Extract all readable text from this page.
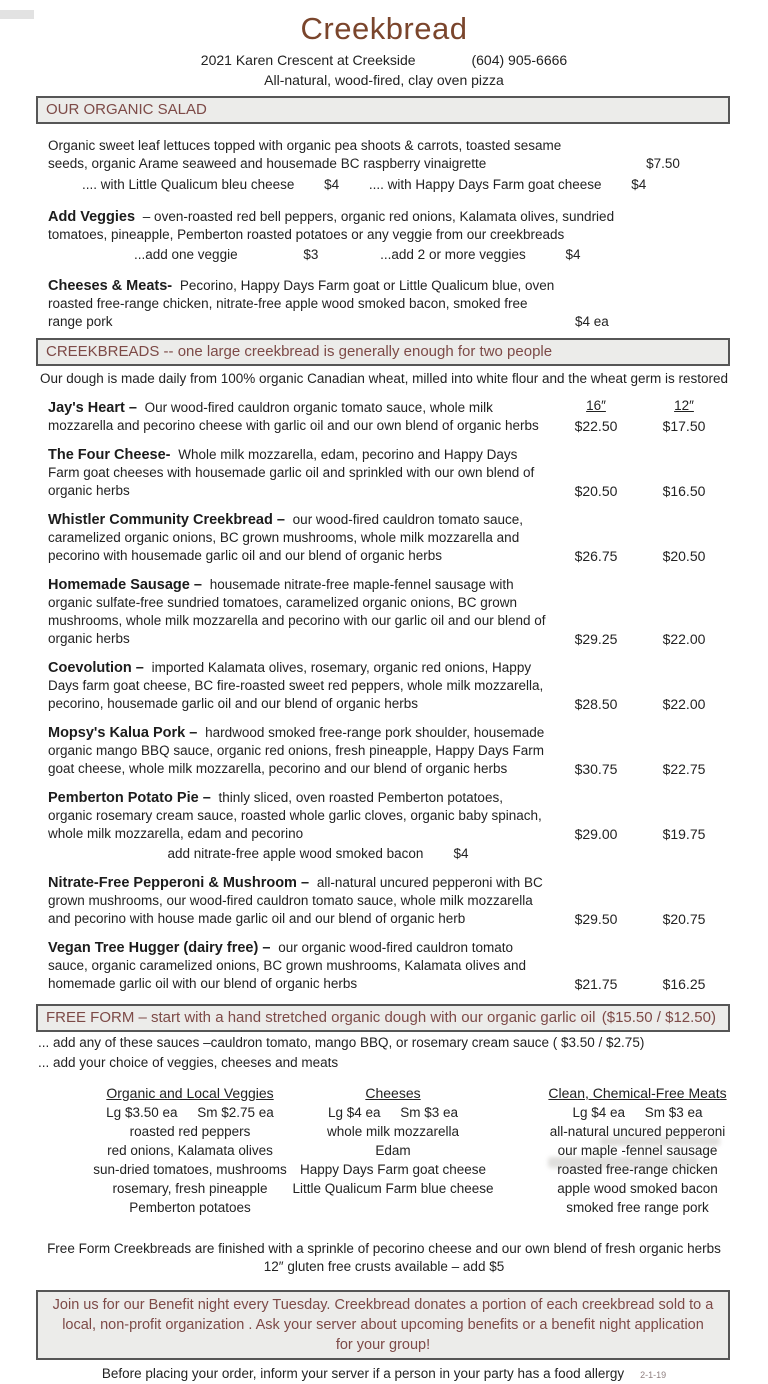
Creekbread
2021 Karen Crescent at Creekside	(604) 905-6666
All-natural, wood-fired, clay oven pizza
OUR ORGANIC SALAD
Organic sweet leaf lettuces topped with organic pea shoots & carrots, toasted sesame seeds, organic Arame seaweed and housemade BC raspberry vinaigrette	$7.50
.... with Little Qualicum bleu cheese $4 .... with Happy Days Farm goat cheese $4
Add Veggies – oven-roasted red bell peppers, organic red onions, Kalamata olives, sundried tomatoes, pineapple, Pemberton roasted potatoes or any veggie from our creekbreads
...add one veggie	$3	...add 2 or more veggies	$4
Cheeses & Meats- Pecorino, Happy Days Farm goat or Little Qualicum blue, oven roasted free-range chicken, nitrate-free apple wood smoked bacon, smoked free range pork	$4 ea
CREEKBREADS -- one large creekbread is generally enough for two people
Our dough is made daily from 100% organic Canadian wheat, milled into white flour and the wheat germ is restored
16″	12″
Jay's Heart – Our wood-fired cauldron organic tomato sauce, whole milk mozzarella and pecorino cheese with garlic oil and our own blend of organic herbs	$22.50	$17.50
The Four Cheese- Whole milk mozzarella, edam, pecorino and Happy Days Farm goat cheeses with housemade garlic oil and sprinkled with our own blend of organic herbs	$20.50	$16.50
Whistler Community Creekbread – our wood-fired cauldron tomato sauce, caramelized organic onions, BC grown mushrooms, whole milk mozzarella and pecorino with housemade garlic oil and our blend of organic herbs	$26.75	$20.50
Homemade Sausage – housemade nitrate-free maple-fennel sausage with organic sulfate-free sundried tomatoes, caramelized organic onions, BC grown mushrooms, whole milk mozzarella and pecorino with our garlic oil and our blend of organic herbs	$29.25	$22.00
Coevolution – imported Kalamata olives, rosemary, organic red onions, Happy Days farm goat cheese, BC fire-roasted sweet red peppers, whole milk mozzarella, pecorino, housemade garlic oil and our blend of organic herbs	$28.50	$22.00
Mopsy's Kalua Pork – hardwood smoked free-range pork shoulder, housemade organic mango BBQ sauce, organic red onions, fresh pineapple, Happy Days Farm goat cheese, whole milk mozzarella, pecorino and our blend of organic herbs	$30.75	$22.75
Pemberton Potato Pie – thinly sliced, oven roasted Pemberton potatoes, organic rosemary cream sauce, roasted whole garlic cloves, organic baby spinach, whole milk mozzarella, edam and pecorino	$29.00	$19.75
add nitrate-free apple wood smoked bacon $4
Nitrate-Free Pepperoni & Mushroom – all-natural uncured pepperoni with BC grown mushrooms, our wood-fired cauldron tomato sauce, whole milk mozzarella and pecorino with house made garlic oil and our blend of organic herb	$29.50	$20.75
Vegan Tree Hugger (dairy free) – our organic wood-fired cauldron tomato sauce, organic caramelized onions, BC grown mushrooms, Kalamata olives and homemade garlic oil with our blend of organic herbs	$21.75	$16.25
FREE FORM – start with a hand stretched organic dough with our organic garlic oil ($15.50 / $12.50)
... add any of these sauces –cauldron tomato, mango BBQ, or rosemary cream sauce ( $3.50 / $2.75)
... add your choice of veggies, cheeses and meats
Organic and Local Veggies
Lg $3.50 ea Sm $2.75 ea
roasted red peppers
red onions, Kalamata olives
sun-dried tomatoes, mushrooms
rosemary, fresh pineapple
Pemberton potatoes
Cheeses
Lg $4 ea Sm $3 ea
whole milk mozzarella
Edam
Happy Days Farm goat cheese
Little Qualicum Farm blue cheese
Clean, Chemical-Free Meats
Lg $4 ea Sm $3 ea
all-natural uncured pepperoni
our maple -fennel sausage
roasted free-range chicken
apple wood smoked bacon
smoked free range pork
Free Form Creekbreads are finished with a sprinkle of pecorino cheese and our own blend of fresh organic herbs
12″ gluten free crusts available – add $5
Join us for our Benefit night every Tuesday. Creekbread donates a portion of each creekbread sold to a local, non-profit organization . Ask your server about upcoming benefits or a benefit night application for your group!
Before placing your order, inform your server if a person in your party has a food allergy 2-1-19
